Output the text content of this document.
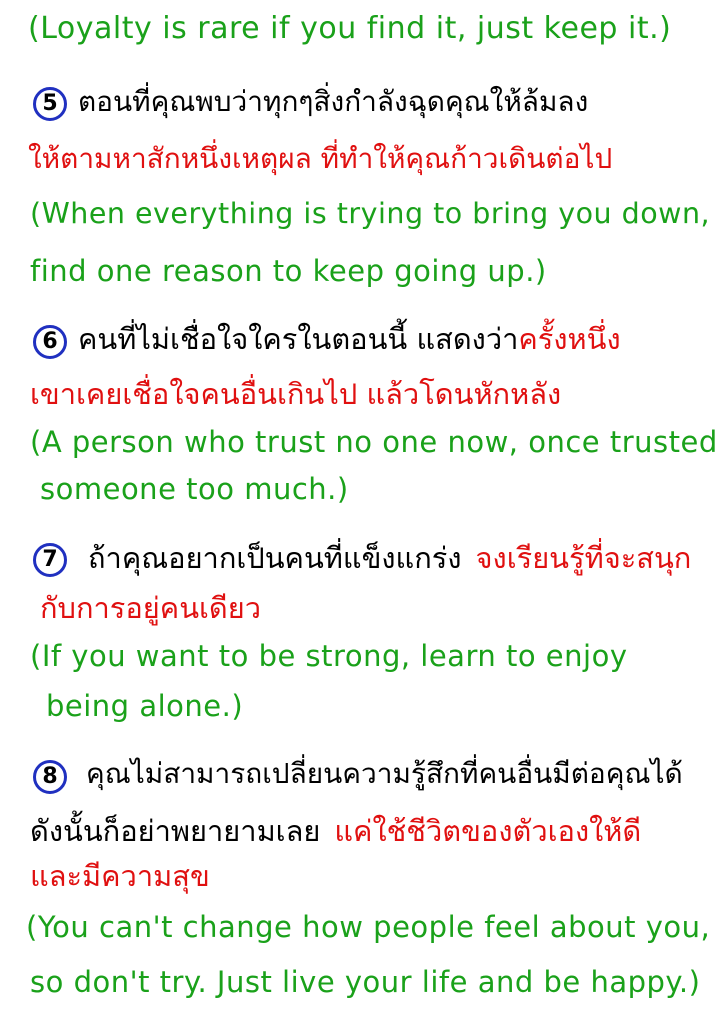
(Loyalty is rare if you find it, just keep it.)
5 ตอนที่คุณพบว่าทุกๆสิ่งกำลังฉุดคุณให้ล้มลง
ให้ตามหาสักหนึ่งเหตุผล ที่ทำให้คุณก้าวเดินต่อไป
(When everything is trying to bring you down,
find one reason to keep going up.)
6 คนที่ไม่เชื่อใจใครในตอนนี้ แสดงว่าครั้งหนึ่ง
เขาเคยเชื่อใจคนอื่นเกินไป แล้วโดนหักหลัง
(A person who trust no one now, once trusted
someone too much.)
7	ถ้าคุณอยากเป็นคนที่แข็งแกร่ง จงเรียนรู้ที่จะสนุก
กับการอยู่คนเดียว
(If you want to be strong, learn to enjoy
being alone.)
8	คุณไม่สามารถเปลี่ยนความรู้สึกที่คนอื่นมีต่อคุณได้
ดังนั้นก็อย่าพยายามเลย แค่ใช้ชีวิตของตัวเองให้ดี
และมีความสุข
(You can't change how people feel about you,
so don't try. Just live your life and be happy.)
